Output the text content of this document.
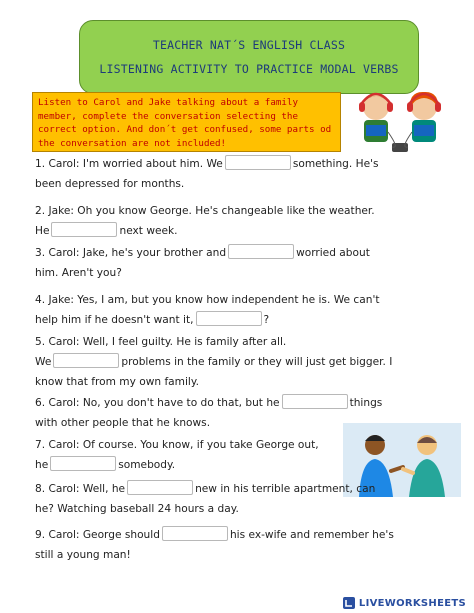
TEACHER NAT´S ENGLISH CLASS
LISTENING ACTIVITY TO PRACTICE MODAL VERBS
Listen to Carol and Jake talking about a family member, complete the conversation selecting the correct option. And don´t get confused, some parts od the conversation are not included!
1. Carol: I'm worried about him. We	something. He's
been depressed for months.
2. Jake: Oh you know George. He's changeable like the weather.
He	next week.
3. Carol: Jake, he's your brother and	worried about
him. Aren't you?
4. Jake: Yes, I am, but you know how independent he is. We can't
help him if he doesn't want it,	?
5. Carol: Well, I feel guilty. He is family after all.
We	problems in the family or they will just get bigger. I
know that from my own family.
6. Carol: No, you don't have to do that, but he	things
with other people that he knows.
7. Carol: Of course. You know, if you take George out,
he	somebody.
8. Carol: Well, he	new in his terrible apartment, can
he? Watching baseball 24 hours a day.
9. Carol: George should	his ex-wife and remember he's
still a young man!
LIVEWORKSHEETS
